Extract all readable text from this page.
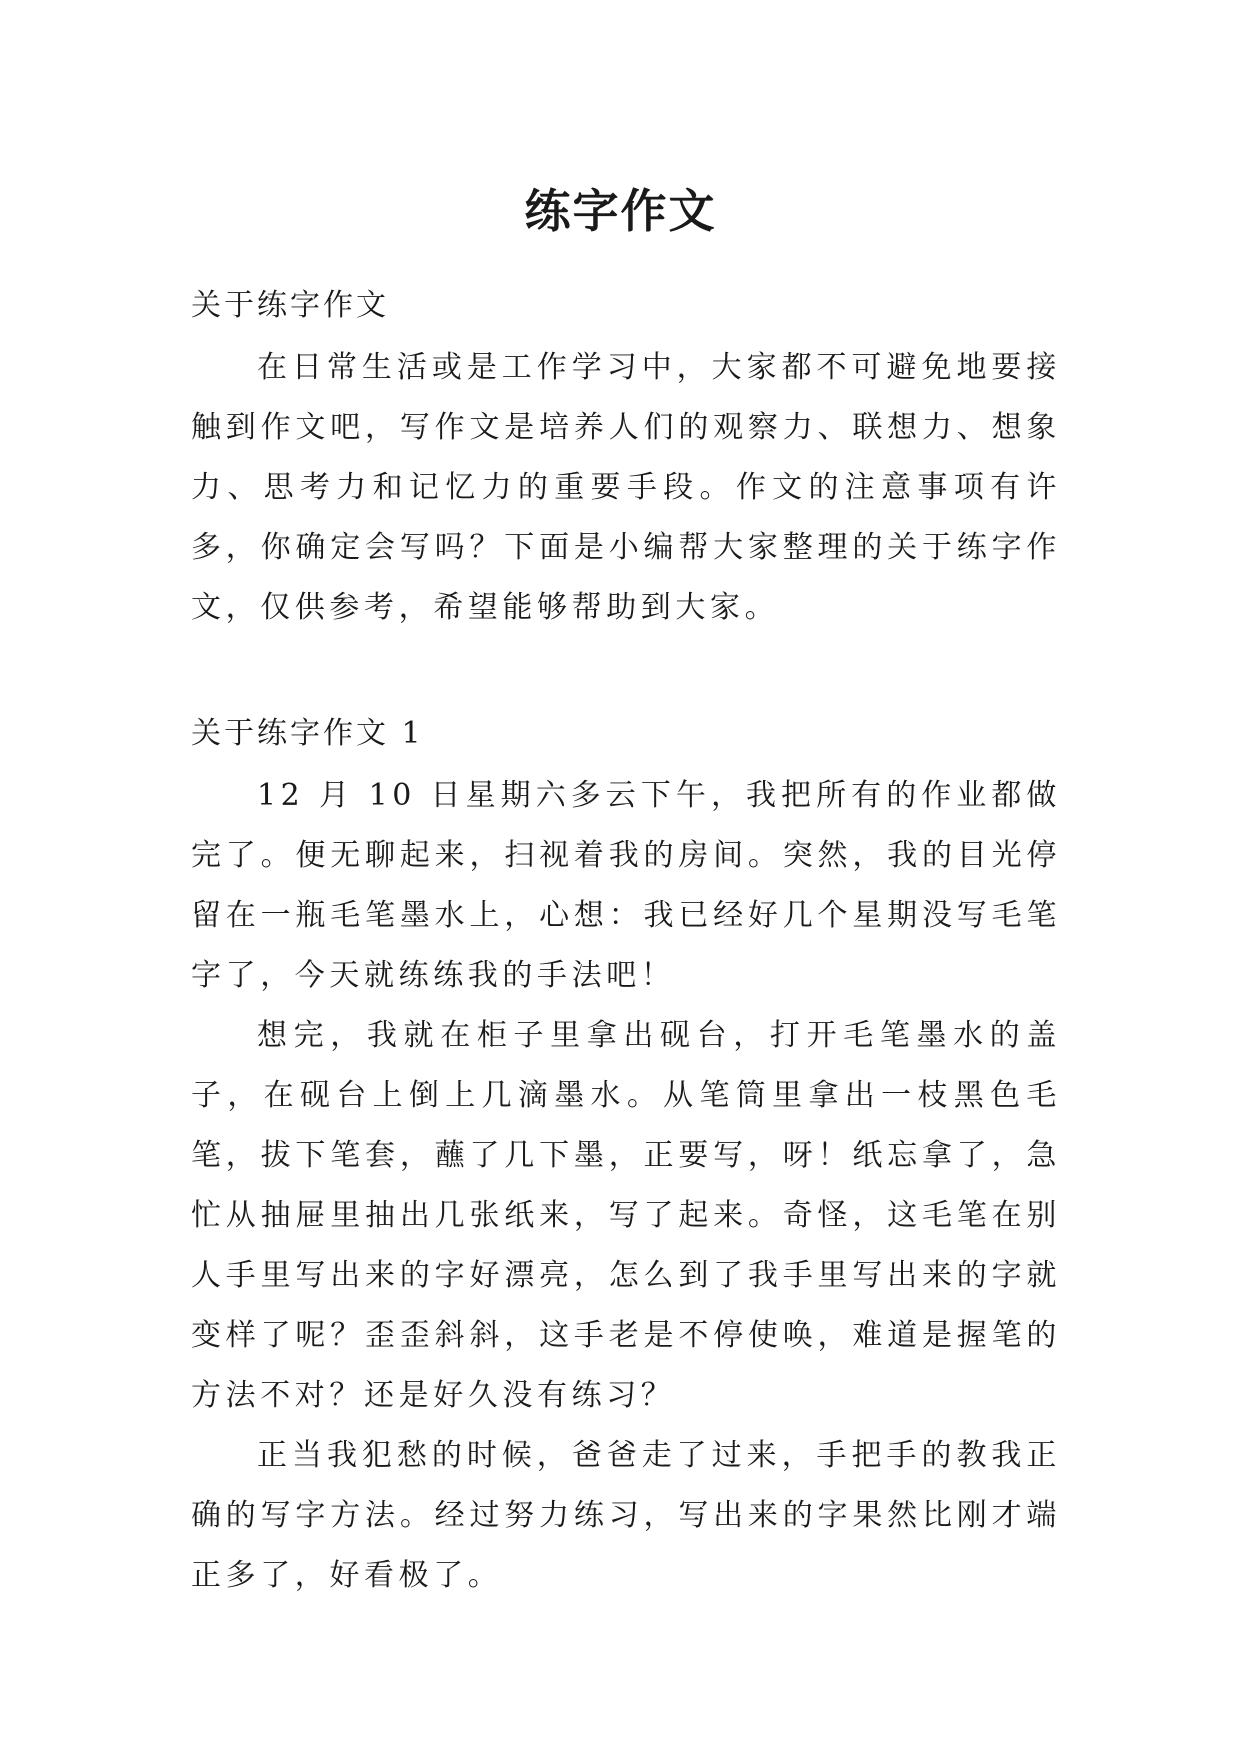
练字作文

关于练字作文

在日常生活或是工作学习中，大家都不可避免地要接触到作文吧，写作文是培养人们的观察力、联想力、想象力、思考力和记忆力的重要手段。作文的注意事项有许多，你确定会写吗？下面是小编帮大家整理的关于练字作文，仅供参考，希望能够帮助到大家。

关于练字作文 1

12 月 10 日星期六多云下午，我把所有的作业都做完了。便无聊起来，扫视着我的房间。突然，我的目光停留在一瓶毛笔墨水上，心想：我已经好几个星期没写毛笔字了，今天就练练我的手法吧！

想完，我就在柜子里拿出砚台，打开毛笔墨水的盖子，在砚台上倒上几滴墨水。从笔筒里拿出一枝黑色毛笔，拔下笔套，蘸了几下墨，正要写，呀！纸忘拿了，急忙从抽屉里抽出几张纸来，写了起来。奇怪，这毛笔在别人手里写出来的字好漂亮，怎么到了我手里写出来的字就变样了呢？歪歪斜斜，这手老是不停使唤，难道是握笔的方法不对？还是好久没有练习？

正当我犯愁的时候，爸爸走了过来，手把手的教我正确的写字方法。经过努力练习，写出来的字果然比刚才端正多了，好看极了。
